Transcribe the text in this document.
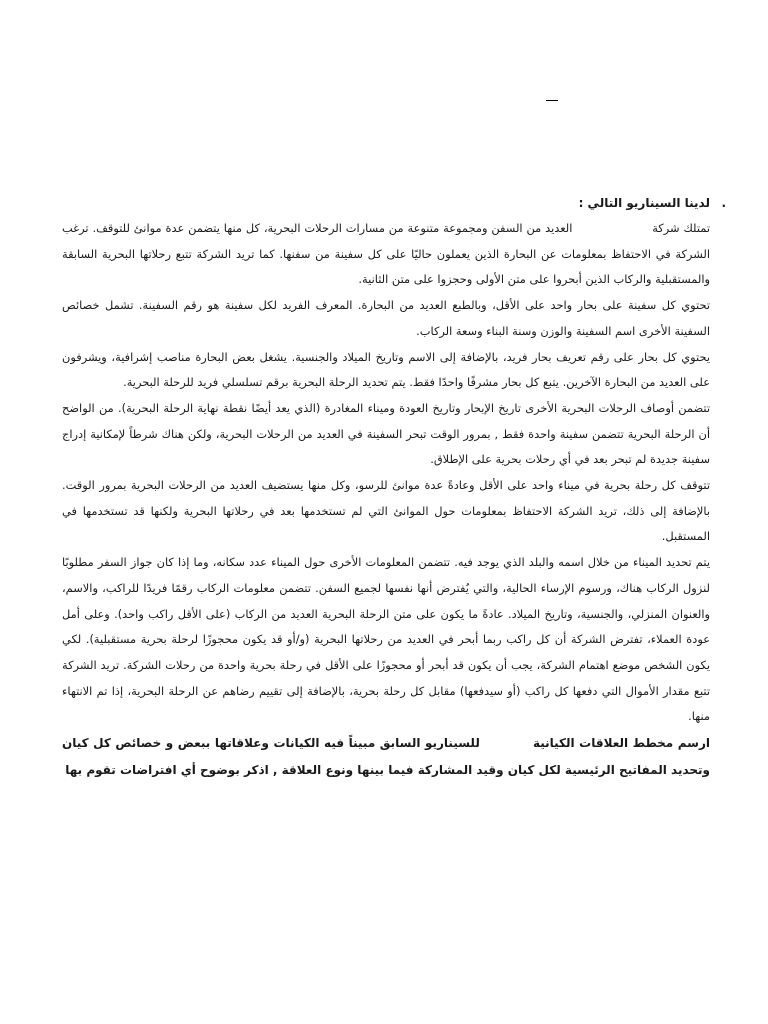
.
لدينا السيناريو التالي :

تمتلك شركة  العديد من السفن ومجموعة متنوعة من مسارات الرحلات البحرية، كل منها يتضمن عدة موانئ للتوقف. ترغب الشركة في الاحتفاظ بمعلومات عن البحارة الذين يعملون حاليًا على كل سفينة من سفنها. كما تريد الشركة تتبع رحلاتها البحرية السابقة والمستقبلية والركاب الذين أبحروا على متن الأولى وحجزوا على متن الثانية.

تحتوي كل سفينة على بحار واحد على الأقل، وبالطبع العديد من البحارة. المعرف الفريد لكل سفينة هو رقم السفينة. تشمل خصائص السفينة الأخرى اسم السفينة والوزن وسنة البناء وسعة الركاب.

يحتوي كل بحار على رقم تعريف بحار فريد، بالإضافة إلى الاسم وتاريخ الميلاد والجنسية. يشغل بعض البحارة مناصب إشرافية، ويشرفون على العديد من البحارة الآخرين. يتبع كل بحار مشرفًا واحدًا فقط. يتم تحديد الرحلة البحرية برقم تسلسلي فريد للرحلة البحرية.

تتضمن أوصاف الرحلات البحرية الأخرى تاريخ الإبحار وتاريخ العودة وميناء المغادرة (الذي يعد أيضًا نقطة نهاية الرحلة البحرية). من الواضح أن الرحلة البحرية تتضمن سفينة واحدة فقط , بمرور الوقت تبحر السفينة في العديد من الرحلات البحرية، ولكن هناك شرطاً لإمكانية إدراج سفينة جديدة لم تبحر بعد في أي رحلات بحرية على الإطلاق.

تتوقف كل رحلة بحرية في ميناء واحد على الأقل وعادةً عدة موانئ للرسو، وكل منها يستضيف العديد من الرحلات البحرية بمرور الوقت. بالإضافة إلى ذلك، تريد الشركة الاحتفاظ بمعلومات حول الموانئ التي لم تستخدمها بعد في رحلاتها البحرية ولكنها قد تستخدمها في المستقبل.

يتم تحديد الميناء من خلال اسمه والبلد الذي يوجد فيه. تتضمن المعلومات الأخرى حول الميناء عدد سكانه، وما إذا كان جواز السفر مطلوبًا لنزول الركاب هناك، ورسوم الإرساء الحالية، والتي يُفترض أنها نفسها لجميع السفن. تتضمن معلومات الركاب رقمًا فريدًا للراكب، والاسم، والعنوان المنزلي، والجنسية، وتاريخ الميلاد. عادةً ما يكون على متن الرحلة البحرية العديد من الركاب (على الأقل راكب واحد). وعلى أمل عودة العملاء، تفترض الشركة أن كل راكب ربما أبحر في العديد من رحلاتها البحرية (و/أو قد يكون محجوزًا لرحلة بحرية مستقبلية). لكي يكون الشخص موضع اهتمام الشركة، يجب أن يكون قد أبحر أو محجوزًا على الأقل في رحلة بحرية واحدة من رحلات الشركة. تريد الشركة تتبع مقدار الأموال التي دفعها كل راكب (أو سيدفعها) مقابل كل رحلة بحرية، بالإضافة إلى تقييم رضاهم عن الرحلة البحرية، إذا تم الانتهاء منها.

ارسم مخطط العلاقات الكيانية  للسيناريو السابق مبيناً فيه الكيانات وعلاقاتها ببعض و خصائص كل كيان وتحديد المفاتيح الرئيسية لكل كيان وقيد المشاركة فيما بينها ونوع العلاقة , اذكر بوضوح أي افتراضات تقوم بها
